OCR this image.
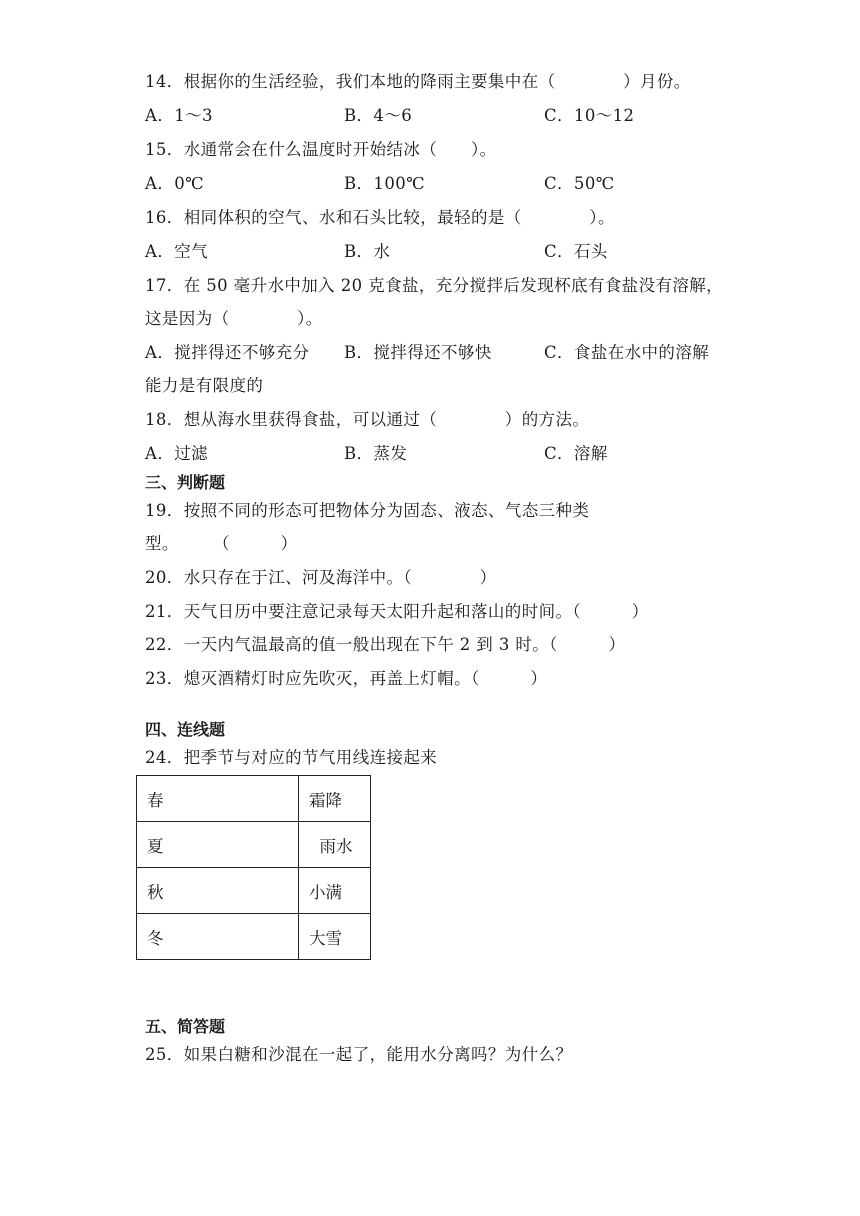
14．根据你的生活经验，我们本地的降雨主要集中在（　　　　）月份。
A．1～3	B．4～6	C．10～12
15．水通常会在什么温度时开始结冰（　　）。
A．0℃	B．100℃	C．50℃
16．相同体积的空气、水和石头比较，最轻的是（　　　　）。
A．空气	B．水	C．石头
17．在 50 毫升水中加入 20 克食盐，充分搅拌后发现杯底有食盐没有溶解，
这是因为（　　　　）。
A．搅拌得还不够充分 B．搅拌得还不够快	C．食盐在水中的溶解
能力是有限度的
18．想从海水里获得食盐，可以通过（　　　　）的方法。
A．过滤	B．蒸发	C．溶解
三、判断题
19．按照不同的形态可把物体分为固态、液态、气态三种类
型。　　　（　　　）
20．水只存在于江、河及海洋中。（　　　　）
21．天气日历中要注意记录每天太阳升起和落山的时间。（　　　）
22．一天内气温最高的值一般出现在下午 2 到 3 时。（　　　）
23．熄灭酒精灯时应先吹灭，再盖上灯帽。（　　　）
四、连线题
24．把季节与对应的节气用线连接起来
春	霜降
夏	雨水
秋	小满
冬	大雪
五、简答题
25．如果白糖和沙混在一起了，能用水分离吗？为什么？
